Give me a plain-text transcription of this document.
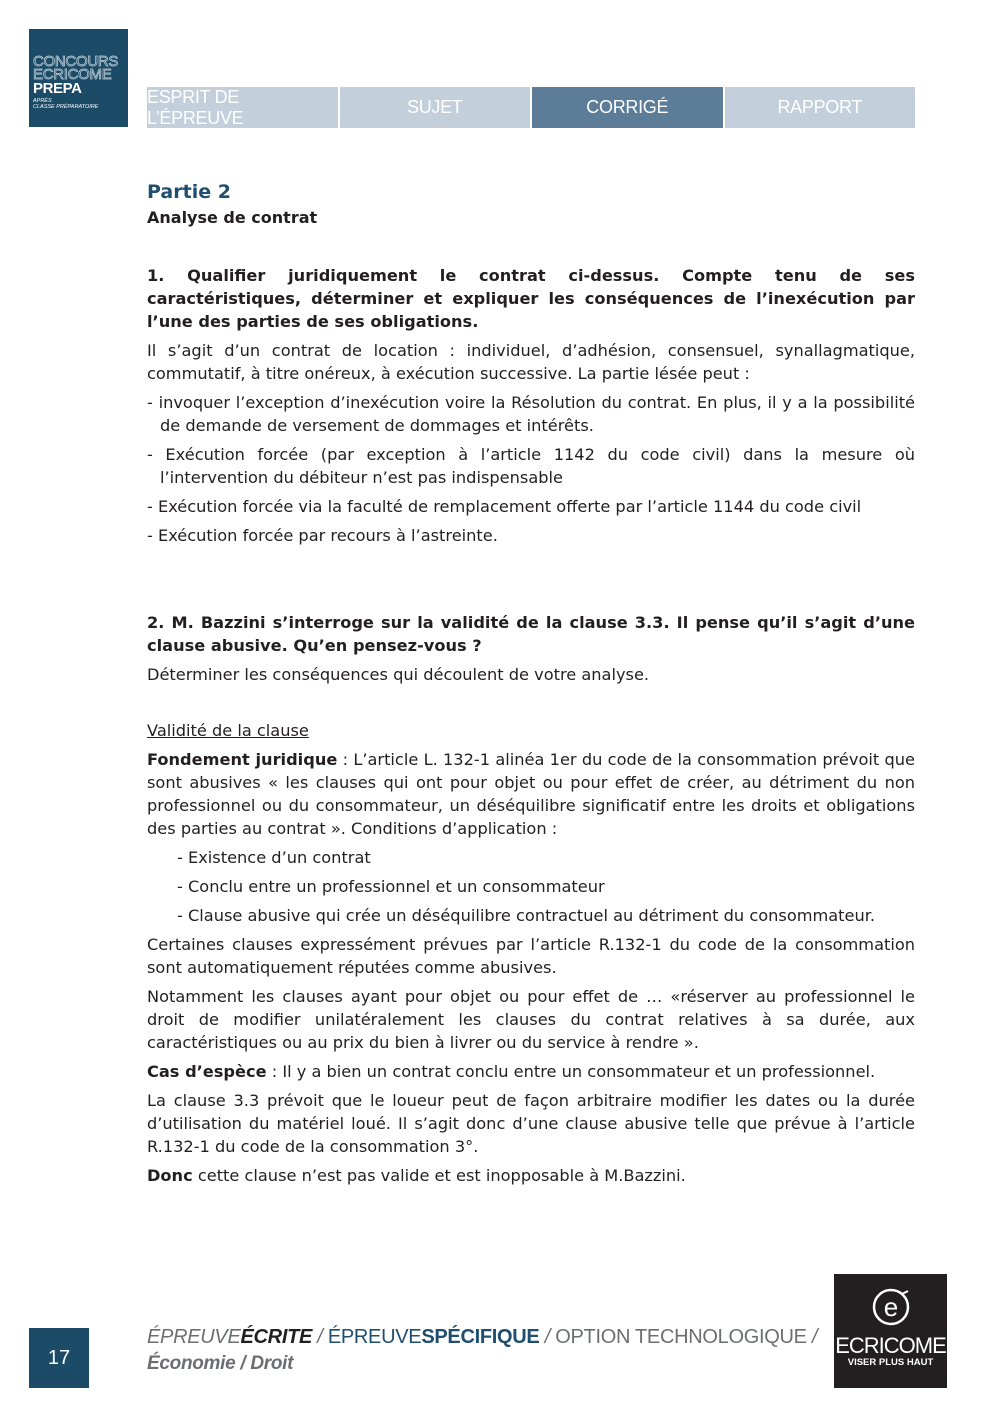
CONCOURS
ECRICOME
PREPA
APRÈS
CLASSE PRÉPARATOIRE
ESPRIT DE L’ÉPREUVE
SUJET	CORRIGÉ	RAPPORT
Partie 2

Analyse de contrat

1. Qualifier juridiquement le contrat ci-dessus. Compte tenu de ses caractéristiques, déterminer et expliquer les conséquences de l’inexécution par l’une des parties de ses obligations.

Il s’agit d’un contrat de location : individuel, d’adhésion, consensuel, synallagmatique, commutatif, à titre onéreux, à exécution successive. La partie lésée peut :

- invoquer l’exception d’inexécution voire la Résolution du contrat. En plus, il y a la possibilité de demande de versement de dommages et intérêts.

- Exécution forcée (par exception à l’article 1142 du code civil) dans la mesure où l’intervention du débiteur n’est pas indispensable

- Exécution forcée via la faculté de remplacement offerte par l’article 1144 du code civil

- Exécution forcée par recours à l’astreinte.

2. M. Bazzini s’interroge sur la validité de la clause 3.3. Il pense qu’il s’agit d’une clause abusive. Qu’en pensez-vous ?

Déterminer les conséquences qui découlent de votre analyse.

Validité de la clause

Fondement juridique : L’article L. 132-1 alinéa 1er du code de la consommation prévoit que sont abusives « les clauses qui ont pour objet ou pour effet de créer, au détriment du non professionnel ou du consommateur, un déséquilibre significatif entre les droits et obligations des parties au contrat ». Conditions d’application :

- Existence d’un contrat

- Conclu entre un professionnel et un consommateur

- Clause abusive qui crée un déséquilibre contractuel au détriment du consommateur.

Certaines clauses expressément prévues par l’article R.132-1 du code de la consommation sont automatiquement réputées comme abusives.

Notamment les clauses ayant pour objet ou pour effet de … «réserver au professionnel le droit de modifier unilatéralement les clauses du contrat relatives à sa durée, aux caractéristiques ou au prix du bien à livrer ou du service à rendre ».

Cas d’espèce : Il y a bien un contrat conclu entre un consommateur et un professionnel.

La clause 3.3 prévoit que le loueur peut de façon arbitraire modifier les dates ou la durée d’utilisation du matériel loué. Il s’agit donc d’une clause abusive telle que prévue à l’article R.132-1 du code de la consommation 3°.

Donc cette clause n’est pas valide et est inopposable à M.Bazzini.

17
ÉPREUVEÉCRITE / ÉPREUVESPÉCIFIQUE / OPTION TECHNOLOGIQUE /
Économie / Droit
e
ECRICOME
VISER PLUS HAUT
